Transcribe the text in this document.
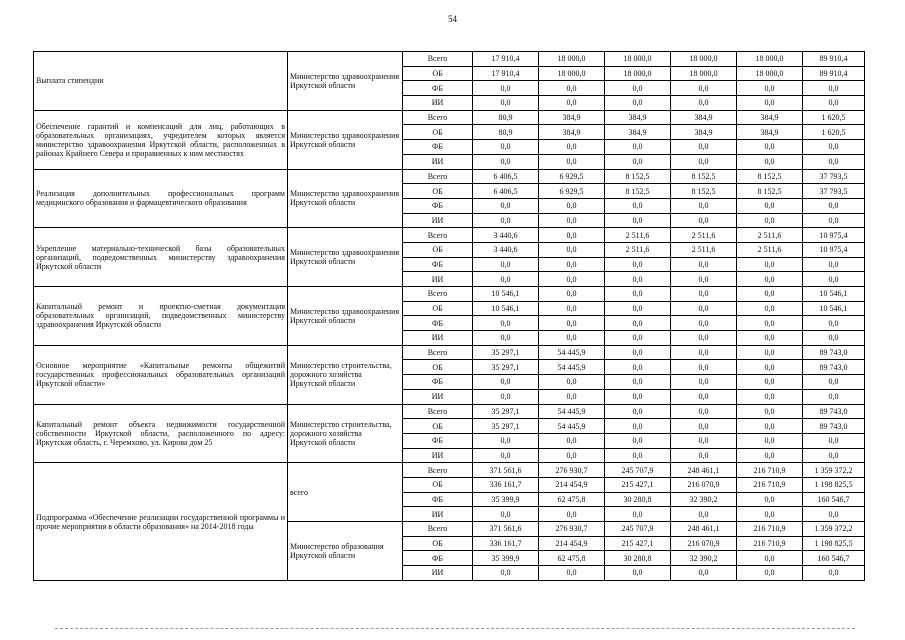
54
Выплата стипендии	Министерство здравоохранения Иркутской области	Всего	17 910,4	18 000,0	18 000,0	18 000,0	18 000,0	89 910,4
		ОБ	17 910,4	18 000,0	18 000,0	18 000,0	18 000,0	89 910,4
		ФБ	0,0	0,0	0,0	0,0	0,0	0,0
		ИИ	0,0	0,0	0,0	0,0	0,0	0,0
Обеспечение гарантий и компенсаций для лиц, работающих в образовательных организациях, учредителем которых является министерство здравоохранения Иркутской области, расположенных в районах Крайнего Севера и приравненных к ним местностях	Министерство здравоохранения Иркутской области	Всего	80,9	384,9	384,9	384,9	384,9	1 620,5
		ОБ	80,9	384,9	384,9	384,9	384,9	1 620,5
		ФБ	0,0	0,0	0,0	0,0	0,0	0,0
		ИИ	0,0	0,0	0,0	0,0	0,0	0,0
Реализация дополнительных профессиональных программ медицинского образования и фармацевтического образования	Министерство здравоохранения Иркутской области	Всего	6 406,5	6 929,5	8 152,5	8 152,5	8 152,5	37 793,5
		ОБ	6 406,5	6 929,5	8 152,5	8 152,5	8 152,5	37 793,5
		ФБ	0,0	0,0	0,0	0,0	0,0	0,0
		ИИ	0,0	0,0	0,0	0,0	0,0	0,0
Укрепление материально-технической базы образовательных организаций, подведомственных министерству здравоохранения Иркутской области	Министерство здравоохранения Иркутской области	Всего	3 440,6	0,0	2 511,6	2 511,6	2 511,6	10 975,4
		ОБ	3 440,6	0,0	2 511,6	2 511,6	2 511,6	10 975,4
		ФБ	0,0	0,0	0,0	0,0	0,0	0,0
		ИИ	0,0	0,0	0,0	0,0	0,0	0,0
Капитальный ремонт и проектно-сметная документация образовательных организаций, подведомственных министерству здравоохранения Иркутской области	Министерство здравоохранения Иркутской области	Всего	10 546,1	0,0	0,0	0,0	0,0	10 546,1
		ОБ	10 546,1	0,0	0,0	0,0	0,0	10 546,1
		ФБ	0,0	0,0	0,0	0,0	0,0	0,0
		ИИ	0,0	0,0	0,0	0,0	0,0	0,0
Основное мероприятие «Капитальные ремонты общежитий государственных профессиональных образовательных организаций Иркутской области»	Министерство строительства, дорожного хозяйства Иркутской области	Всего	35 297,1	54 445,9	0,0	0,0	0,0	89 743,0
		ОБ	35 297,1	54 445,9	0,0	0,0	0,0	89 743,0
		ФБ	0,0	0,0	0,0	0,0	0,0	0,0
		ИИ	0,0	0,0	0,0	0,0	0,0	0,0
Капитальный ремонт объекта недвижимости государственной собственности Иркутской области, расположенного по адресу: Иркутская область, г. Черемхово, ул. Кирова дом 25	Министерство строительства, дорожного хозяйства Иркутской области	Всего	35 297,1	54 445,9	0,0	0,0	0,0	89 743,0
		ОБ	35 297,1	54 445,9	0,0	0,0	0,0	89 743,0
		ФБ	0,0	0,0	0,0	0,0	0,0	0,0
		ИИ	0,0	0,0	0,0	0,0	0,0	0,0
Подпрограмма «Обеспечение реализации государственной программы и прочие мероприятия в области образования» на 2014-2018 годы	всего	Всего	371 561,6	276 930,7	245 707,9	248 461,1	216 710,9	1 359 372,2
		ОБ	336 161,7	214 454,9	215 427,1	216 070,9	216 710,9	1 198 825,5
		ФБ	35 399,9	62 475,8	30 280,8	32 390,2	0,0	160 546,7
		ИИ	0,0	0,0	0,0	0,0	0,0	0,0
	Министерство образования Иркутской области	Всего	371 561,6	276 930,7	245 707,9	248 461,1	216 710,9	1 359 372,2
		ОБ	336 161,7	214 454,9	215 427,1	216 070,9	216 710,9	1 198 825,5
		ФБ	35 399,9	62 475,8	30 280,8	32 390,2	0,0	160 546,7
		ИИ	0,0	0,0	0,0	0,0	0,0	0,0
